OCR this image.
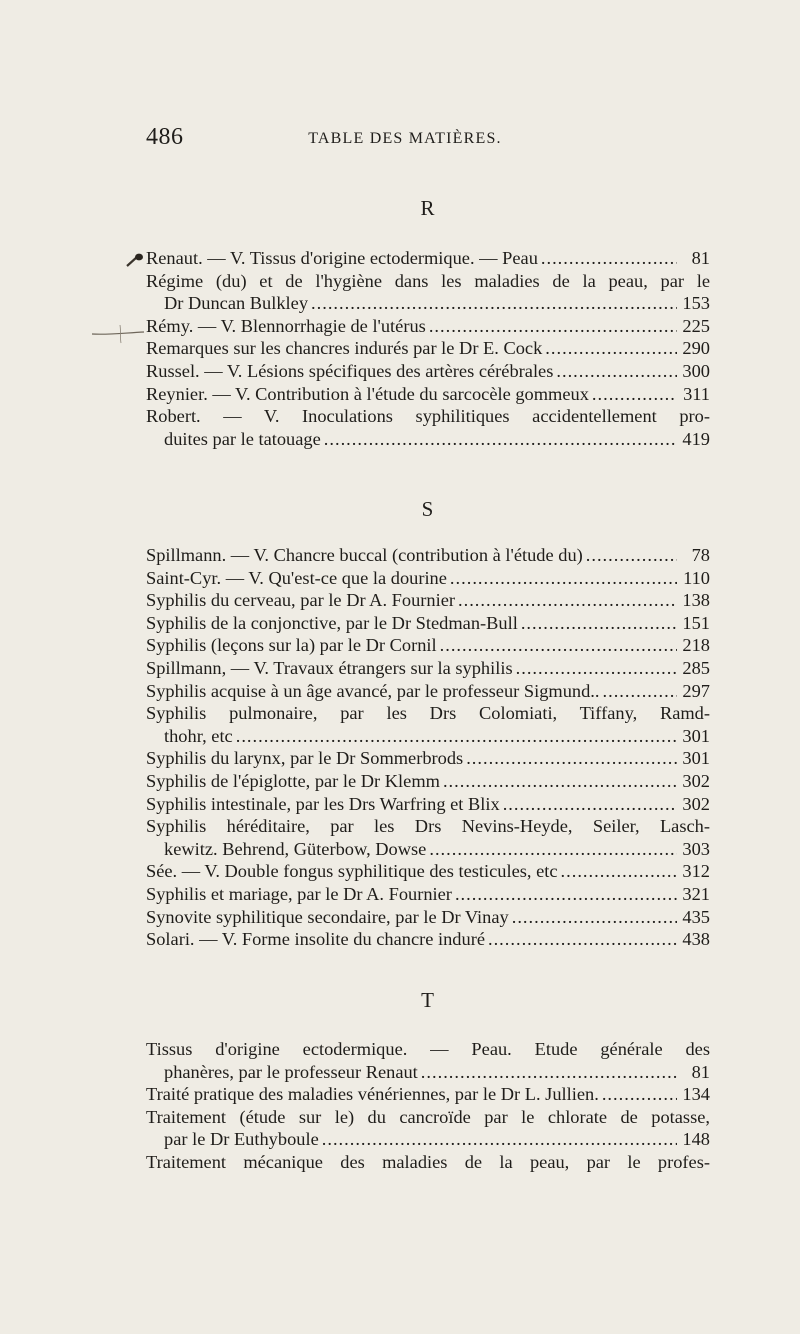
486	TABLE DES MATIÈRES.
R
Renaut. — V. Tissus d'origine ectodermique. — Peau .....	81
Régime (du) et de l'hygiène dans les maladies de la peau, par le
Dr Duncan Bulkley .....	153
Rémy. — V. Blennorrhagie de l'utérus .....	225
Remarques sur les chancres indurés par le Dr E. Cock .....	290
Russel. — V. Lésions spécifiques des artères cérébrales .....	300
Reynier. — V. Contribution à l'étude du sarcocèle gommeux .....	311
Robert. — V. Inoculations syphilitiques accidentellement pro-
duites par le tatouage .....	419
S
Spillmann. — V. Chancre buccal (contribution à l'étude du) .....	78
Saint-Cyr. — V. Qu'est-ce que la dourine .....	110
Syphilis du cerveau, par le Dr A. Fournier .....	138
Syphilis de la conjonctive, par le Dr Stedman-Bull .....	151
Syphilis (leçons sur la) par le Dr Cornil .....	218
Spillmann, — V. Travaux étrangers sur la syphilis .....	285
Syphilis acquise à un âge avancé, par le professeur Sigmund.. .....	297
Syphilis pulmonaire, par les Drs Colomiati, Tiffany, Ramd-
thohr, etc .....	301
Syphilis du larynx, par le Dr Sommerbrods .....	301
Syphilis de l'épiglotte, par le Dr Klemm .....	302
Syphilis intestinale, par les Drs Warfring et Blix .....	302
Syphilis héréditaire, par les Drs Nevins-Heyde, Seiler, Lasch-
kewitz. Behrend, Güterbow, Dowse .....	303
Sée. — V. Double fongus syphilitique des testicules, etc .....	312
Syphilis et mariage, par le Dr A. Fournier .....	321
Synovite syphilitique secondaire, par le Dr Vinay .....	435
Solari. — V. Forme insolite du chancre induré .....	438
T
Tissus d'origine ectodermique. — Peau. Etude générale des
phanères, par le professeur Renaut .....	81
Traité pratique des maladies vénériennes, par le Dr L. Jullien. .....	134
Traitement (étude sur le) du cancroïde par le chlorate de potasse,
par le Dr Euthyboule .....	148
Traitement mécanique des maladies de la peau, par le profes-
